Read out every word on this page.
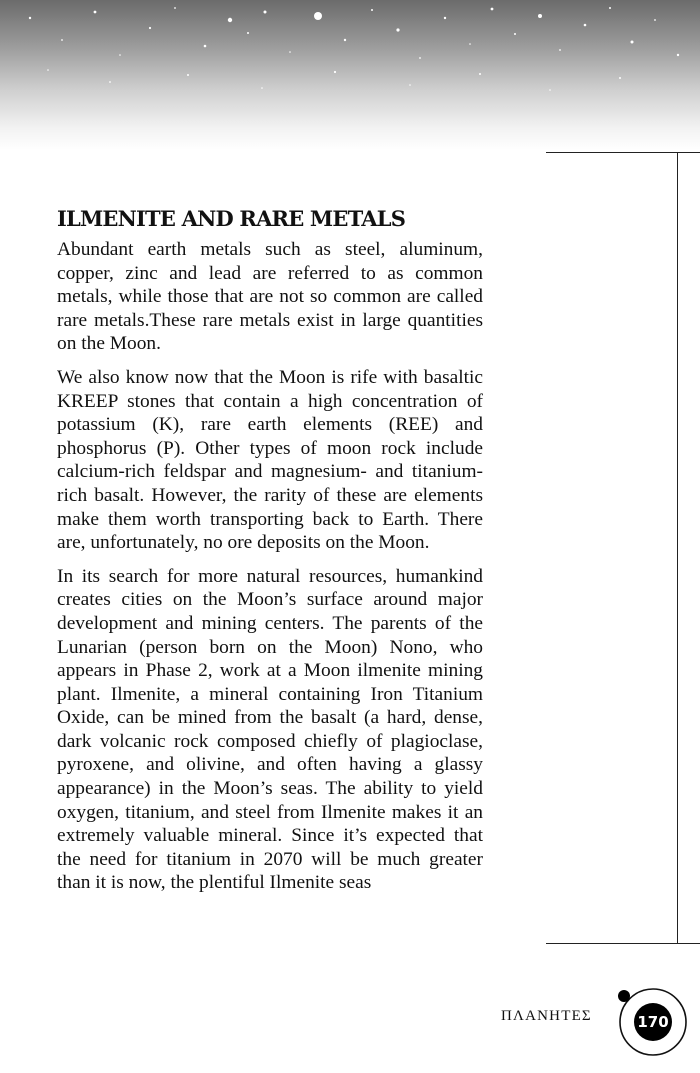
ILMENITE AND RARE METALS

Abundant earth metals such as steel, aluminum, copper, zinc and lead are referred to as common metals, while those that are not so common are called rare metals.These rare metals exist in large quantities on the Moon.

We also know now that the Moon is rife with basaltic KREEP stones that contain a high concentration of potassium (K), rare earth elements (REE) and phosphorus (P). Other types of moon rock include calcium-rich feldspar and magnesium- and titanium-rich basalt. However, the rarity of these are elements make them worth transporting back to Earth. There are, unfortunately, no ore deposits on the Moon.

In its search for more natural resources, humankind creates cities on the Moon’s surface around major development and mining centers. The parents of the Lunarian (person born on the Moon) Nono, who appears in Phase 2, work at a Moon ilmenite mining plant. Ilmenite, a mineral containing Iron Titanium Oxide, can be mined from the basalt (a hard, dense, dark volcanic rock composed chiefly of plagioclase, pyroxene, and olivine, and often having a glassy appearance) in the Moon’s seas. The ability to yield oxygen, titanium, and steel from Ilmenite makes it an extremely valuable mineral. Since it’s expected that the need for titanium in 2070 will be much greater than it is now, the plentiful Ilmenite seas

ΠΛΑΝΗΤΕΣ	170
